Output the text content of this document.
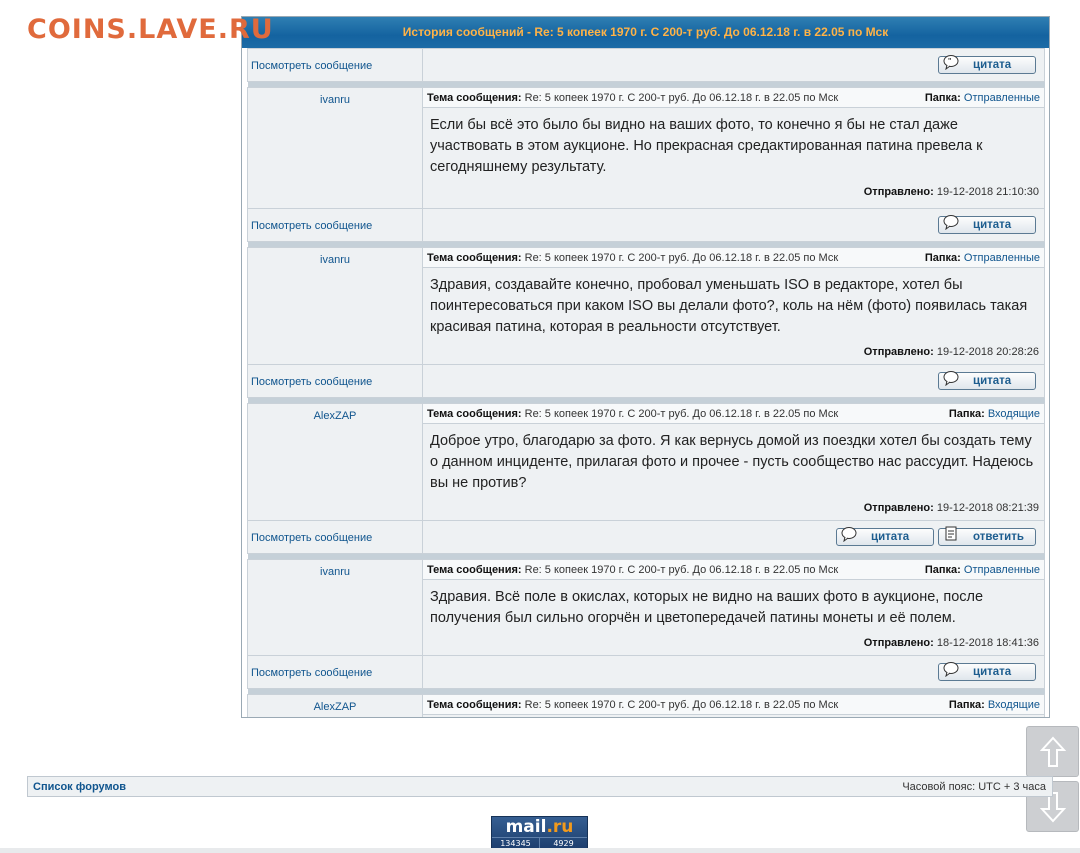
COINS.LAVE.RU	История сообщений - Re: 5 копеек 1970 г. С 200-т руб. До 06.12.18 г. в 22.05 по Мск
Посмотреть сообщение	" цитата

ivanru	Тема сообщения: Re: 5 копеек 1970 г. С 200-т руб. До 06.12.18 г. в 22.05 по Мск Папка: Отправленные
Если бы всё это было бы видно на ваших фото, то конечно я бы не стал даже участвовать в этом аукционе. Но прекрасная средактированная патина превела к сегодняшнему результату.
Отправлено: 19-12-2018 21:10:30

Посмотреть сообщение	цитата

ivanru	Тема сообщения: Re: 5 копеек 1970 г. С 200-т руб. До 06.12.18 г. в 22.05 по Мск Папка: Отправленные
Здравия, создавайте конечно, пробовал уменьшать ISO в редакторе, хотел бы поинтересоваться при каком ISO вы делали фото?, коль на нём (фото) появилась такая красивая патина, которая в реальности отсутствует.
Отправлено: 19-12-2018 20:28:26

Посмотреть сообщение	цитата

AlexZAP	Тема сообщения: Re: 5 копеек 1970 г. С 200-т руб. До 06.12.18 г. в 22.05 по Мск Папка: Входящие
Доброе утро, благодарю за фото. Я как вернусь домой из поездки хотел бы создать тему о данном инциденте, прилагая фото и прочее - пусть сообщество нас рассудит. Надеюсь вы не против?
Отправлено: 19-12-2018 08:21:39

Посмотреть сообщение	цитата ответить

ivanru	Тема сообщения: Re: 5 копеек 1970 г. С 200-т руб. До 06.12.18 г. в 22.05 по Мск Папка: Отправленные
Здравия. Всё поле в окислах, которых не видно на ваших фото в аукционе, после получения был сильно огорчён и цветопередачей патины монеты и её полем.
Отправлено: 18-12-2018 18:41:36

Посмотреть сообщение	цитата

AlexZAP	Тема сообщения: Re: 5 копеек 1970 г. С 200-т руб. До 06.12.18 г. в 22.05 по Мск Папка: Входящие
Список форумов	Часовой пояс: UTC + 3 часа
mail.ru
134345	4929
